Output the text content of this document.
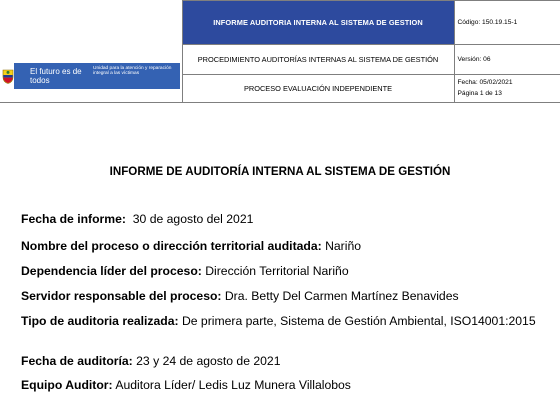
El futuro es de todos
Unidad para la atención y reparación integral a las víctimas	INFORME AUDITORIA INTERNA AL SISTEMA DE GESTION	Código: 150.19.15-1
	PROCEDIMIENTO AUDITORÍAS INTERNAS AL SISTEMA DE GESTIÓN	Versión: 06
	PROCESO EVALUACIÓN INDEPENDIENTE	Fecha: 05/02/2021
Página 1 de 13
INFORME DE AUDITORÍA INTERNA AL SISTEMA DE GESTIÓN
Fecha de informe: 30 de agosto del 2021
Nombre del proceso o dirección territorial auditada: Nariño
Dependencia líder del proceso: Dirección Territorial Nariño
Servidor responsable del proceso: Dra. Betty Del Carmen Martínez Benavides
Tipo de auditoria realizada: De primera parte, Sistema de Gestión Ambiental, ISO14001:2015
Fecha de auditoría: 23 y 24 de agosto de 2021
Equipo Auditor: Auditora Líder/ Ledis Luz Munera Villalobos
